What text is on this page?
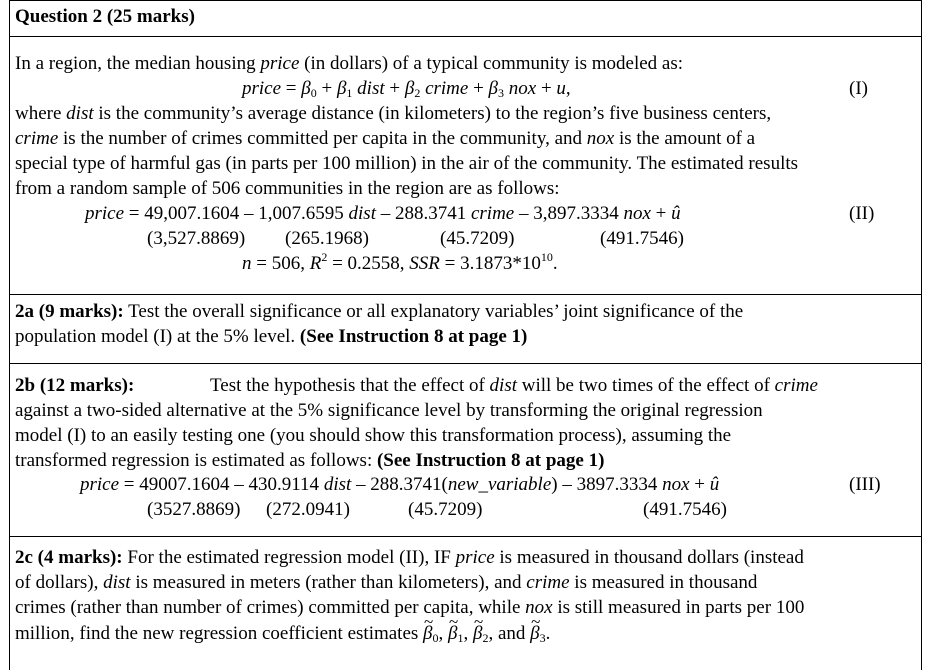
Question 2 (25 marks)
In a region, the median housing price (in dollars) of a typical community is modeled as:
price = $\beta_0 + \beta_1$ dist + $\beta_2$ crime + $\beta_3$ nox + u,	(I)
where dist is the community’s average distance (in kilometers) to the region’s five business centers,
crime is the number of crimes committed per capita in the community, and nox is the amount of a
special type of harmful gas (in parts per 100 million) in the air of the community. The estimated results
from a random sample of 506 communities in the region are as follows:
price = 49,007.1604 – 1,007.6595 dist – 288.3741 crime – 3,897.3334 nox + û	(II)
(3,527.8869) (265.1968)	(45.7209)	(491.7546)
n = 506, $R^2 = 0.2558$, SSR = $3.1873*10^{10}$.
2a (9 marks): Test the overall significance or all explanatory variables’ joint significance of the
population model (I) at the 5% level. (See Instruction 8 at page 1)
2b (12 marks):	Test the hypothesis that the effect of dist will be two times of the effect of crime
against a two-sided alternative at the 5% significance level by transforming the original regression
model (I) to an easily testing one (you should show this transformation process), assuming the
transformed regression is estimated as follows: (See Instruction 8 at page 1)
price = 49007.1604 – 430.9114 dist – 288.3741(new_variable) – 3897.3334 nox + û	(III)
(3527.8869) (272.0941)	(45.7209)	(491.7546)
2c (4 marks): For the estimated regression model (II), IF price is measured in thousand dollars (instead
of dollars), dist is measured in meters (rather than kilometers), and crime is measured in thousand
crimes (rather than number of crimes) committed per capita, while nox is still measured in parts per 100
million, find the new regression coefficient estimates ~ $\beta_0$, ~ $\beta_1$, ~ $\beta_2$, and ~ $\beta_3$.
